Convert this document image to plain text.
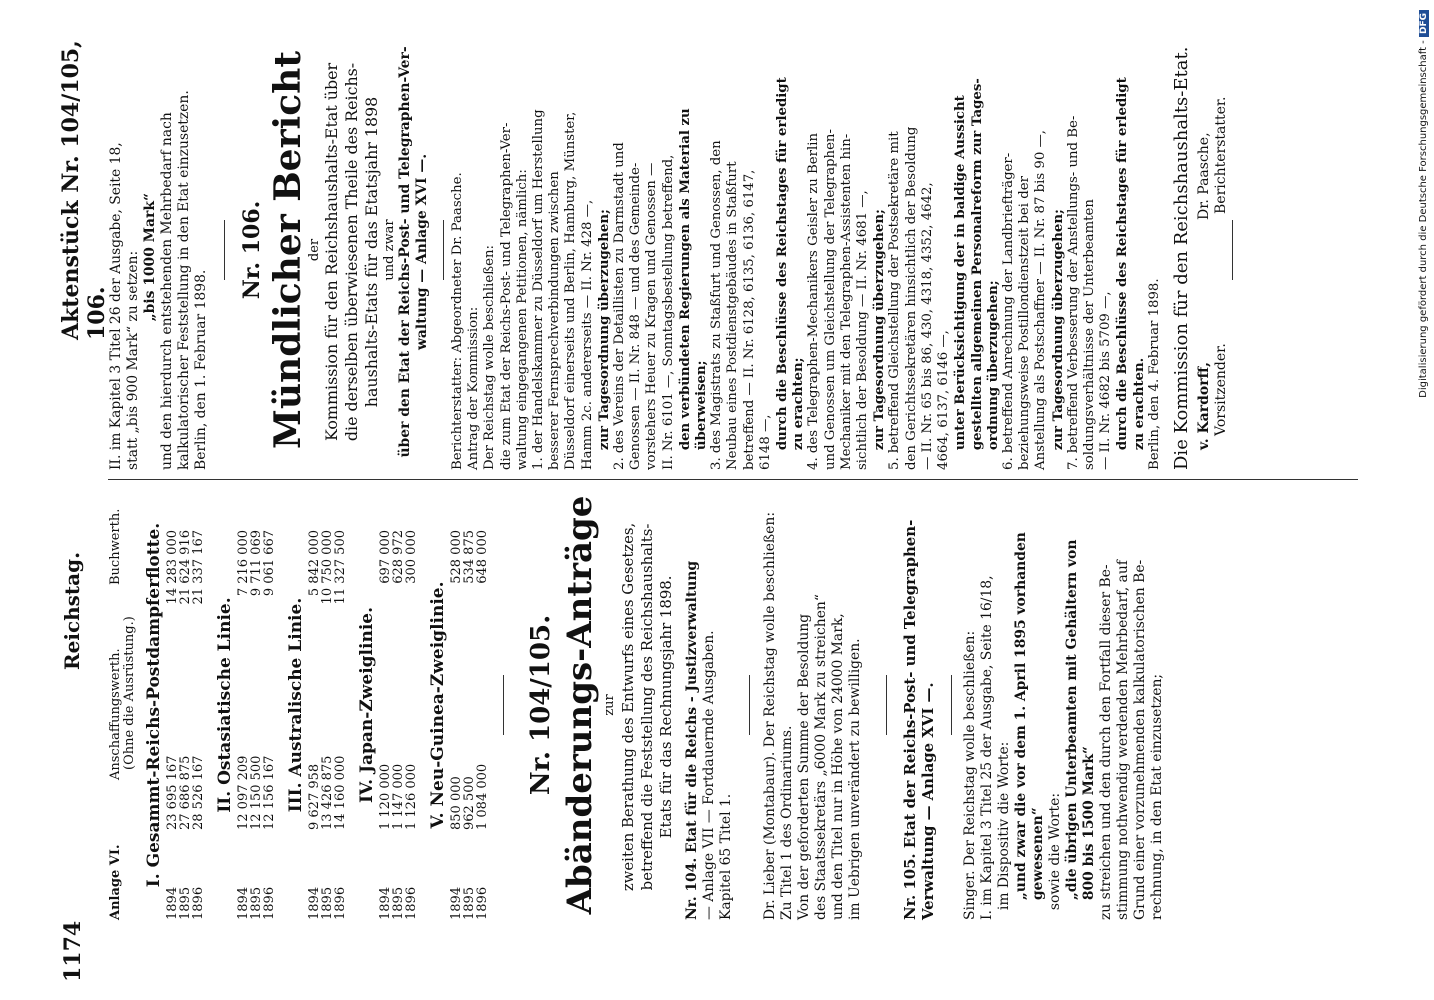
1174
Reichstag.
Aktenstück Nr. 104/105, 106.
Anlage VI.
Anschaffungswerth.
Buchwerth.
(Ohne die Ausrüstung.) I. Gesammt-Reichs-Postdampferflotte.
1894
23 695 167
14 283 000
1895
27 686 875
21 624 916
1896
28 526 167
21 337 167
II. Ostasiatische Linie.
1894
12 097 209
7 216 000
1895
12 150 500
9 711 069
1896
12 156 167
9 061 667
III. Australische Linie.
1894
9 627 958
5 842 000
1895
13 426 875
10 750 000
1896
14 160 000
11 327 500
IV. Japan-Zweiglinie.
1894
1 120 000
697 000
1895
1 147 000
628 972
1896
1 126 000
300 000
V. Neu-Guinea-Zweiglinie.
1894
850 000
528 000
1895
962 500
534 875
1896
1 084 000
648 000
Nr. 104/105. Abänderungs-Anträge zur zweiten Berathung des Entwurfs eines Gesetzes, betreffend die Feststellung des Reichshaushalts- Etats für das Rechnungsjahr 1898. Nr. 104. Etat für die Reichs - Justizverwaltung — Anlage VII — Fortdauernde Ausgaben. Kapitel 65 Titel 1. Dr. Lieber (Montabaur). Der Reichstag wolle beschließen: Zu Titel 1 des Ordinariums. Von der geforderten Summe der Besoldung des Staatssekretärs „6000 Mark zu streichen“ und den Titel nur in Höhe von 24000 Mark, im Uebrigen unverändert zu bewilligen.	Nr. 105. Etat der Reichs-Post- und Telegraphen- Verwaltung — Anlage XVI —. Singer. Der Reichstag wolle beschließen: I. im Kapitel 3 Titel 25 der Ausgabe, Seite 16/18, im Dispositiv die Worte: „und zwar die vor dem 1. April 1895 vorhanden gewesenen“ sowie die Worte: „die übrigen Unterbeamten mit Gehältern von 800 bis 1500 Mark“ zu streichen und den durch den Fortfall dieser Be- stimmung nothwendig werdenden Mehrbedarf, auf Grund einer vorzunehmenden kalkulatorischen Be- rechnung, in den Etat einzusetzen;
II. im Kapitel 3 Titel 26 der Ausgabe, Seite 18, statt „bis 900 Mark“ zu setzen: „bis 1000 Mark“ und den hierdurch entstehenden Mehrbedarf nach kalkulatorischer Feststellung in den Etat einzusetzen. Berlin, den 1. Februar 1898.
Nr. 106. Mündlicher Bericht
der Kommission für den Reichshaushalts-Etat über die derselben überwiesenen Theile des Reichs- haushalts-Etats für das Etatsjahr 1898 und zwar über den Etat der Reichs-Post- und Telegraphen-Ver- waltung — Anlage XVI —. Berichterstatter: Abgeordneter Dr. Paasche. Antrag der Kommission: Der Reichstag wolle beschließen: die zum Etat der Reichs-Post- und Telegraphen-Ver- waltung eingegangenen Petitionen, nämlich: 1. der Handelskammer zu Düsseldorf um Herstellung besserer Fernsprechverbindungen zwischen Düsseldorf einerseits und Berlin, Hamburg, Münster, Hamm 2c. andererseits — II. Nr. 428 —, zur Tagesordnung überzugehen; 2. des Vereins der Detaillisten zu Darmstadt und Genossen — II. Nr. 848 — und des Gemeinde- vorstehers Heuer zu Kragen und Genossen — II. Nr. 6101 —, Sonntagsbestellung betreffend, den verbündeten Regierungen als Material zu überweisen; 3. des Magistrats zu Staßfurt und Genossen, den Neubau eines Postdienstgebäudes in Staßfurt betreffend — II. Nr. 6128, 6135, 6136, 6147, 6148 —, durch die Beschlüsse des Reichstages für erledigt zu erachten; 4. des Telegraphen-Mechanikers Geisler zu Berlin und Genossen um Gleichstellung der Telegraphen- Mechaniker mit den Telegraphen-Assistenten hin- sichtlich der Besoldung — II. Nr. 4681 —, zur Tagesordnung überzugehen; 5. betreffend Gleichstellung der Postsekretäre mit den Gerichtssekretären hinsichtlich der Besoldung — II. Nr. 65 bis 86, 430, 4318, 4352, 4642, 4664, 6137, 6146 —, unter Berücksichtigung der in baldige Aussicht gestellten allgemeinen Personalreform zur Tages- ordnung überzugehen; 6. betreffend Anrechnung der Landbriefträger- beziehungsweise Postillondienstzeit bei der Anstellung als Postschaffner — II. Nr. 87 bis 90 —, zur Tagesordnung überzugehen; 7. betreffend Verbesserung der Anstellungs- und Be- soldungsverhältnisse der Unterbeamten — II. Nr. 4682 bis 5709 —, durch die Beschlüsse des Reichstages für erledigt zu erachten. Berlin, den 4. Februar 1898. Die Kommission für den Reichshaushalts-Etat. v. Kardorff, Vorsitzender.
Dr. Paasche, Berichterstatter.	Digitalisierung gefördert durch die Deutsche Forschungsgemeinschaft - DFG
